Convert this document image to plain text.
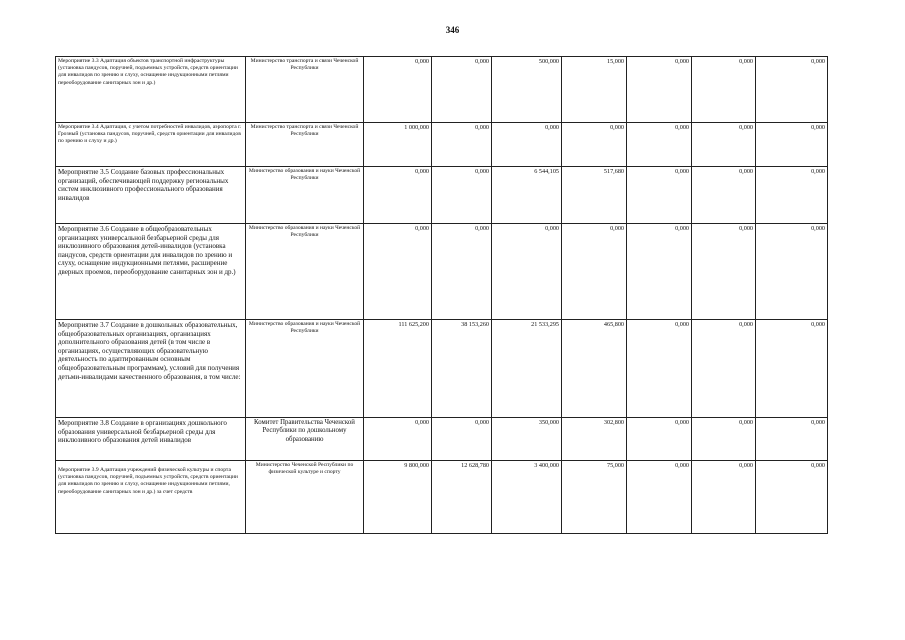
346
Мероприятие 3.3 Адаптация объектов транспортной инфраструктуры (установка пандусов, поручней, подъемных устройств, средств ориентации для инвалидов по зрению и слуху, оснащение индукционными петлями переоборудование санитарных зон и др.)	Министерство транспорта и связи Чеченской Республики	0,000	0,000	500,000	15,000	0,000	0,000	0,000
Мероприятие 3.4 Адаптация, с учетом потребностей инвалидов, аэропорта г. Грозный (установка пандусов, поручней, средств ориентации для инвалидов по зрению и слуху и др.)	Министерство транспорта и связи Чеченской Республики	1 000,000	0,000	0,000	0,000	0,000	0,000	0,000
Мероприятие 3.5 Создание базовых профессиональных организаций, обеспечивающей поддержку региональных систем инклюзивного профессионального образования инвалидов	Министерство образования и науки Чеченской Республики	0,000	0,000	6 544,105	517,680	0,000	0,000	0,000
Мероприятие 3.6 Создание в общеобразовательных организациях универсальной безбарьерной среды для инклюзивного образования детей-инвалидов (установка пандусов, средств ориентации для инвалидов по зрению и слуху, оснащение индукционными петлями, расширение дверных проемов, переоборудование санитарных зон и др.)	Министерство образования и науки Чеченской Республики	0,000	0,000	0,000	0,000	0,000	0,000	0,000
Мероприятие 3.7 Создание в дошкольных образовательных, общеобразовательных организациях, организациях дополнительного образования детей (в том числе в организациях, осуществляющих образовательную деятельность по адаптированным основным общеобразовательным программам), условий для получения детьми-инвалидами качественного образования, в том числе:	Министерство образования и науки Чеченской Республики	111 625,200	38 153,260	21 533,295	465,800	0,000	0,000	0,000
Мероприятие 3.8 Создание в организациях дошкольного образования универсальной безбарьерной среды для инклюзивного образования детей инвалидов	Комитет Правительства Чеченской Республики по дошкольному образованию	0,000	0,000	350,000	302,800	0,000	0,000	0,000
Мероприятие 3.9 Адаптация учреждений физической культуры и спорта (установка пандусов, поручней, подъемных устройств, средств ориентации для инвалидов по зрению и слуху, оснащение индукционными петлями, переоборудование санитарных зон и др.) за счет средств	Министерство Чеченской Республики по физической культуре и спорту	9 800,000	12 628,780	3 400,000	75,000	0,000	0,000	0,000
